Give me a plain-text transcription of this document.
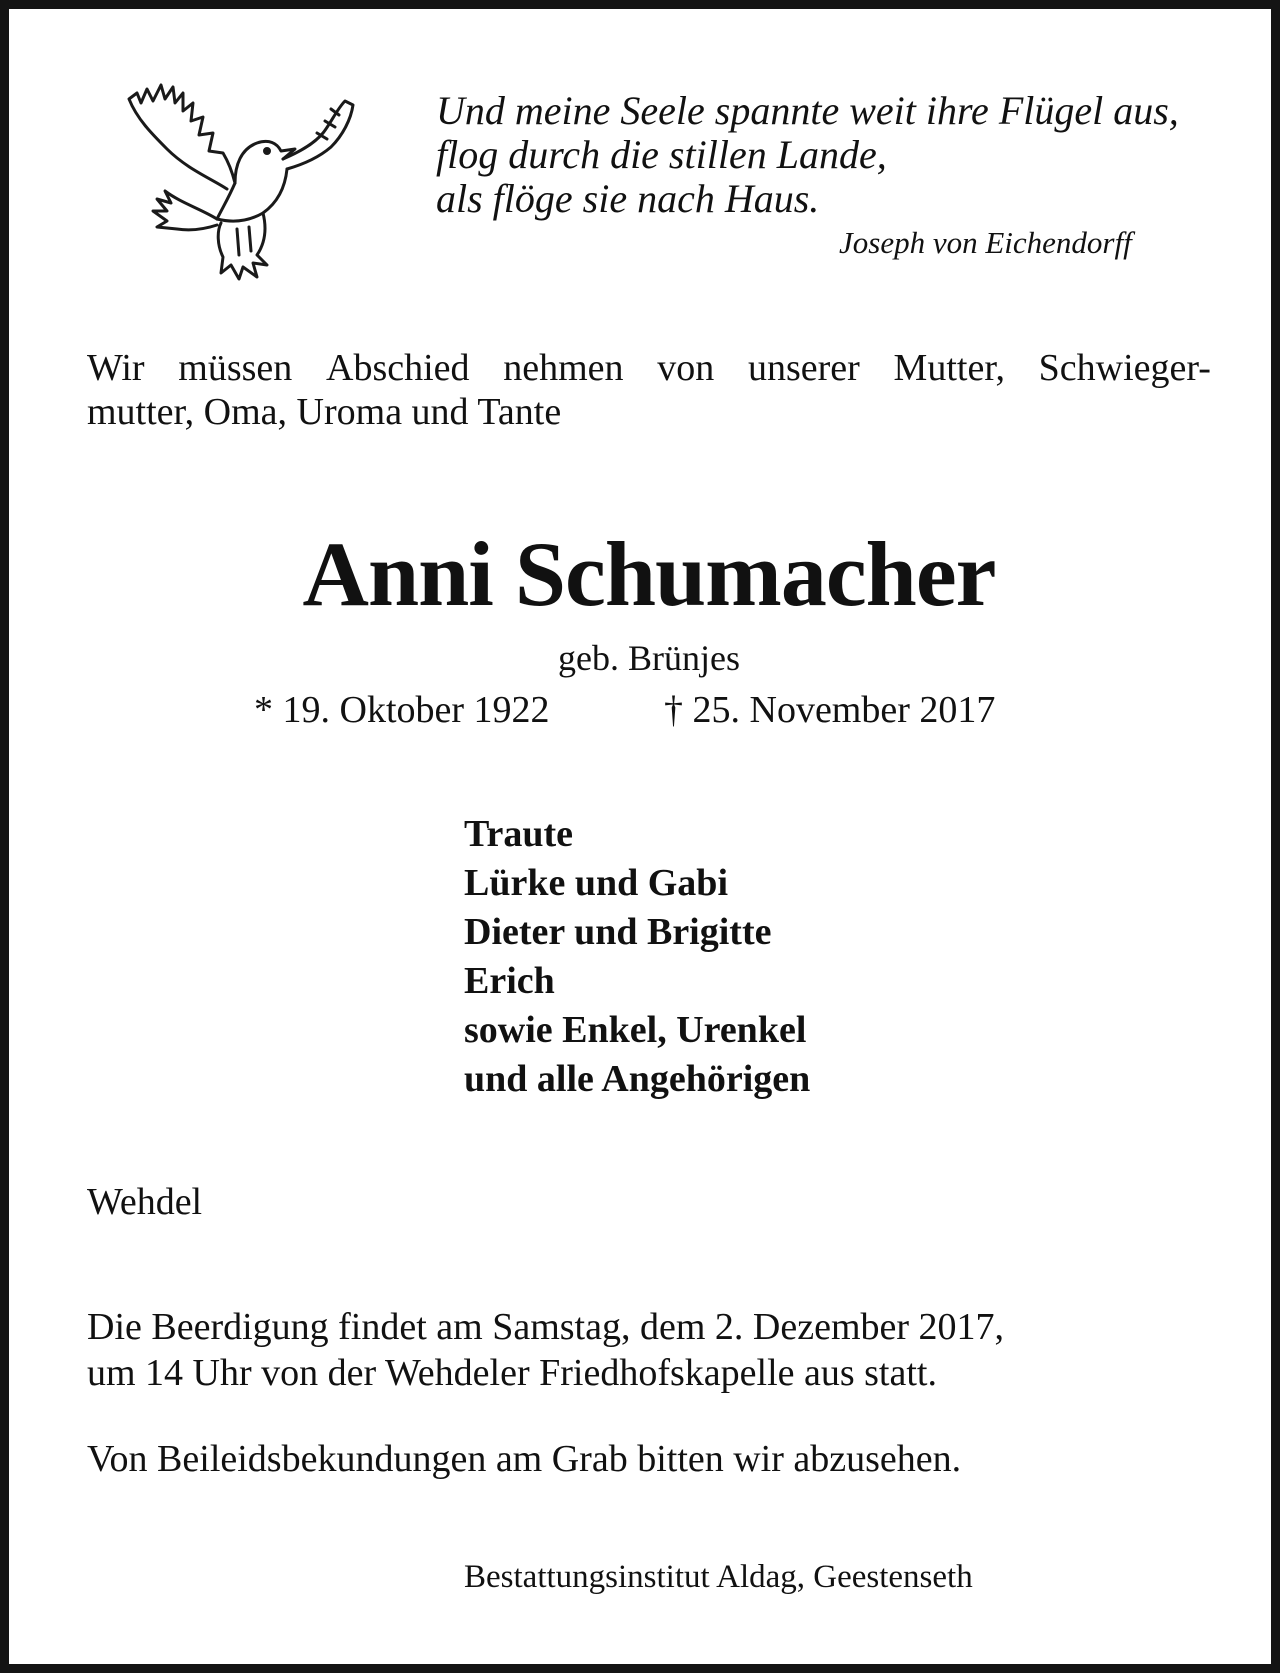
Und meine Seele spannte weit ihre Flügel aus,
flog durch die stillen Lande,
als flöge sie nach Haus.
Joseph von Eichendorff
Wir müssen Abschied nehmen von unserer Mutter, Schwieger-
mutter, Oma, Uroma und Tante
Anni Schumacher
geb. Brünjes
* 19. Oktober 1922	† 25. November 2017
Traute
Lürke und Gabi
Dieter und Brigitte
Erich
sowie Enkel, Urenkel
und alle Angehörigen
Wehdel
Die Beerdigung findet am Samstag, dem 2. Dezember 2017,
um 14 Uhr von der Wehdeler Friedhofskapelle aus statt.
Von Beileidsbekundungen am Grab bitten wir abzusehen.
Bestattungsinstitut Aldag, Geestenseth
